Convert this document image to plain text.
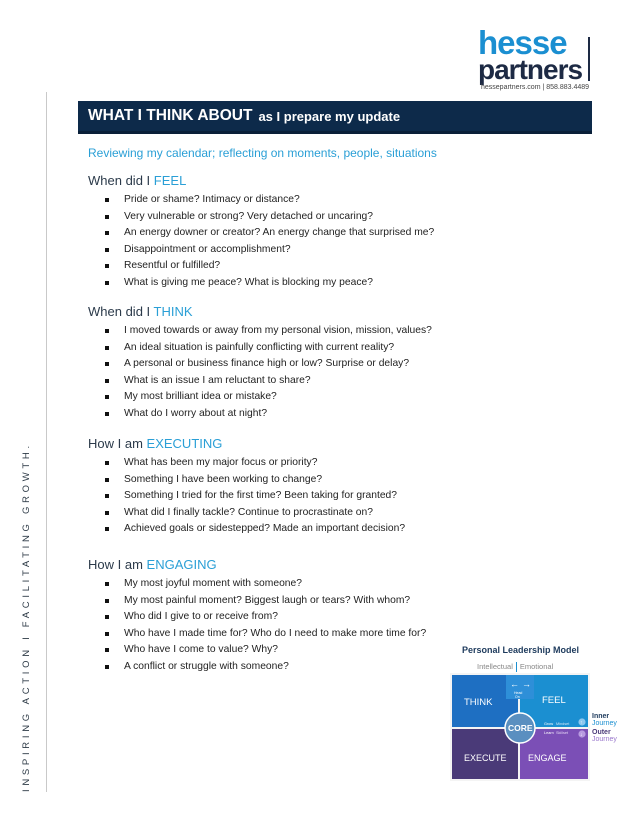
INSPIRING ACTION I FACILITATING GROWTH.
hesse
partners
hessepartners.com | 858.883.4489
WHAT I THINK ABOUT as I prepare my update
Reviewing my calendar; reflecting on moments, people, situations
When did I FEEL
Pride or shame? Intimacy or distance?
Very vulnerable or strong? Very detached or uncaring?
An energy downer or creator? An energy change that surprised me?
Disappointment or accomplishment?
Resentful or fulfilled?
What is giving me peace? What is blocking my peace?
When did I THINK
I moved towards or away from my personal vision, mission, values?
An ideal situation is painfully conflicting with current reality?
A personal or business finance high or low? Surprise or delay?
What is an issue I am reluctant to share?
My most brilliant idea or mistake?
What do I worry about at night?
How I am EXECUTING
What has been my major focus or priority?
Something I have been working to change?
Something I tried for the first time? Been taking for granted?
What did I finally tackle? Continue to procrastinate on?
Achieved goals or sidestepped? Made an important decision?
How I am ENGAGING
My most joyful moment with someone?
My most painful moment? Biggest laugh or tears? With whom?
Who did I give to or receive from?
Who have I made time for? Who do I need to make more time for?
Who have I come to value? Why?
A conflict or struggle with someone?
Personal Leadership Model
Intellectual Emotional
← →
Head
On
CORE
THINK	FEEL
EXECUTE ENGAGE
Grow Mindset
Learn Skillset
↑
↓
Inner
Journey
Outer
Journey
